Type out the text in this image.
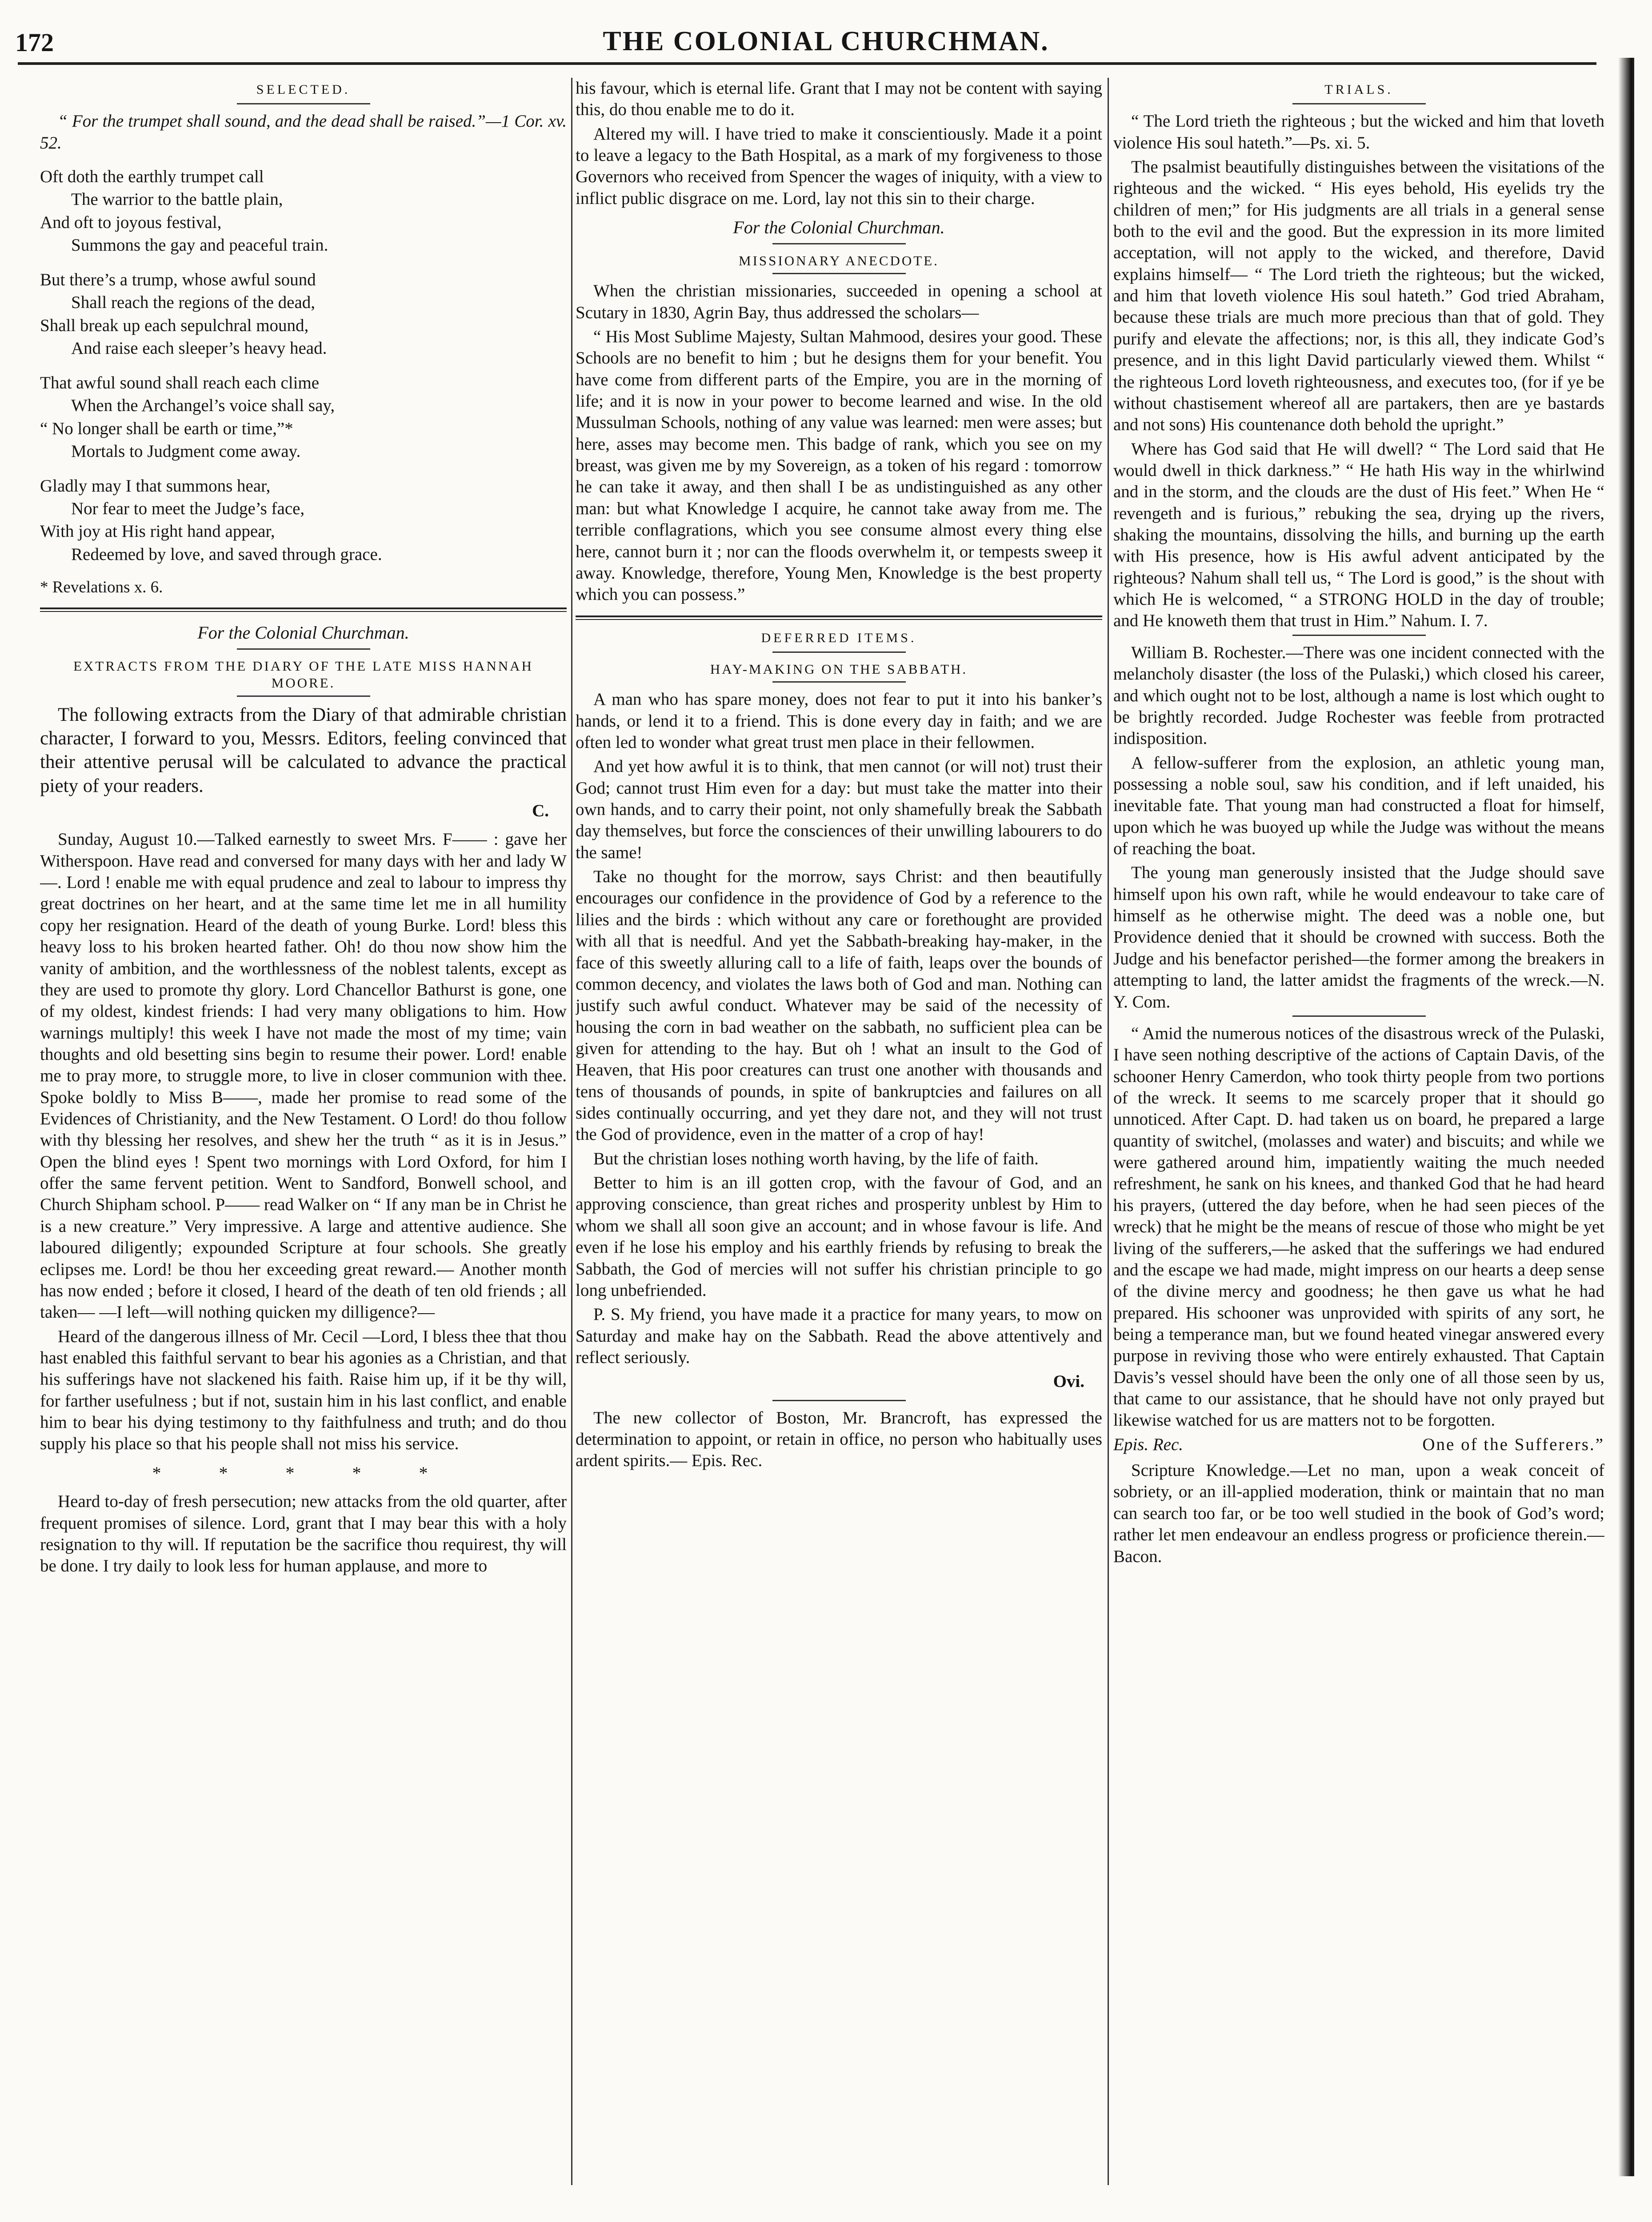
172	THE COLONIAL CHURCHMAN.
SELECTED.
“ For the trumpet shall sound, and the dead shall be raised.”—1 Cor. xv. 52.
Oft doth the earthly trumpet call
The warrior to the battle plain,
And oft to joyous festival,
Summons the gay and peaceful train.
But there’s a trump, whose awful sound
Shall reach the regions of the dead,
Shall break up each sepulchral mound,
And raise each sleeper’s heavy head.
That awful sound shall reach each clime
When the Archangel’s voice shall say,
“ No longer shall be earth or time,”*
Mortals to Judgment come away.
Gladly may I that summons hear,
Nor fear to meet the Judge’s face,
With joy at His right hand appear,
Redeemed by love, and saved through grace.
* Revelations x. 6.
For the Colonial Churchman.
EXTRACTS FROM THE DIARY OF THE LATE MISS HANNAH MOORE.
The following extracts from the Diary of that admirable christian character, I forward to you, Messrs. Editors, feeling convinced that their attentive perusal will be calculated to advance the practical piety of your readers.
C.
Sunday, August 10.—Talked earnestly to sweet Mrs. F—— : gave her Witherspoon. Have read and conversed for many days with her and lady W—. Lord ! enable me with equal prudence and zeal to labour to impress thy great doctrines on her heart, and at the same time let me in all humility copy her resignation. Heard of the death of young Burke. Lord! bless this heavy loss to his broken hearted father. Oh! do thou now show him the vanity of ambition, and the worthlessness of the noblest talents, except as they are used to promote thy glory. Lord Chancellor Bathurst is gone, one of my oldest, kindest friends: I had very many obligations to him. How warnings multiply! this week I have not made the most of my time; vain thoughts and old besetting sins begin to resume their power. Lord! enable me to pray more, to struggle more, to live in closer communion with thee. Spoke boldly to Miss B——, made her promise to read some of the Evidences of Christianity, and the New Testament. O Lord! do thou follow with thy blessing her resolves, and shew her the truth “ as it is in Jesus.” Open the blind eyes ! Spent two mornings with Lord Oxford, for him I offer the same fervent petition. Went to Sandford, Bonwell school, and Church Shipham school. P—— read Walker on “ If any man be in Christ he is a new creature.” Very impressive. A large and attentive audience. She laboured diligently; expounded Scripture at four schools. She greatly eclipses me. Lord! be thou her exceeding great reward.— Another month has now ended ; before it closed, I heard of the death of ten old friends ; all taken— —I left—will nothing quicken my dilligence?—
Heard of the dangerous illness of Mr. Cecil —Lord, I bless thee that thou hast enabled this faithful servant to bear his agonies as a Christian, and that his sufferings have not slackened his faith. Raise him up, if it be thy will, for farther usefulness ; but if not, sustain him in his last conflict, and enable him to bear his dying testimony to thy faithfulness and truth; and do thou supply his place so that his people shall not miss his service.
* * * * *
Heard to-day of fresh persecution; new attacks from the old quarter, after frequent promises of silence. Lord, grant that I may bear this with a holy resignation to thy will. If reputation be the sacrifice thou requirest, thy will be done. I try daily to look less for human applause, and more to
his favour, which is eternal life. Grant that I may not be content with saying this, do thou enable me to do it.
Altered my will. I have tried to make it conscientiously. Made it a point to leave a legacy to the Bath Hospital, as a mark of my forgiveness to those Governors who received from Spencer the wages of iniquity, with a view to inflict public disgrace on me. Lord, lay not this sin to their charge.
For the Colonial Churchman.
MISSIONARY ANECDOTE.
When the christian missionaries, succeeded in opening a school at Scutary in 1830, Agrin Bay, thus addressed the scholars—
“ His Most Sublime Majesty, Sultan Mahmood, desires your good. These Schools are no benefit to him ; but he designs them for your benefit. You have come from different parts of the Empire, you are in the morning of life; and it is now in your power to become learned and wise. In the old Mussulman Schools, nothing of any value was learned: men were asses; but here, asses may become men. This badge of rank, which you see on my breast, was given me by my Sovereign, as a token of his regard : tomorrow he can take it away, and then shall I be as undistinguished as any other man: but what Knowledge I acquire, he cannot take away from me. The terrible conflagrations, which you see consume almost every thing else here, cannot burn it ; nor can the floods overwhelm it, or tempests sweep it away. Knowledge, therefore, Young Men, Knowledge is the best property which you can possess.”
DEFERRED ITEMS.
HAY-MAKING ON THE SABBATH.
A man who has spare money, does not fear to put it into his banker’s hands, or lend it to a friend. This is done every day in faith; and we are often led to wonder what great trust men place in their fellowmen.
And yet how awful it is to think, that men cannot (or will not) trust their God; cannot trust Him even for a day: but must take the matter into their own hands, and to carry their point, not only shamefully break the Sabbath day themselves, but force the consciences of their unwilling labourers to do the same!
Take no thought for the morrow, says Christ: and then beautifully encourages our confidence in the providence of God by a reference to the lilies and the birds : which without any care or forethought are provided with all that is needful. And yet the Sabbath-breaking hay-maker, in the face of this sweetly alluring call to a life of faith, leaps over the bounds of common decency, and violates the laws both of God and man. Nothing can justify such awful conduct. Whatever may be said of the necessity of housing the corn in bad weather on the sabbath, no sufficient plea can be given for attending to the hay. But oh ! what an insult to the God of Heaven, that His poor creatures can trust one another with thousands and tens of thousands of pounds, in spite of bankruptcies and failures on all sides continually occurring, and yet they dare not, and they will not trust the God of providence, even in the matter of a crop of hay!
But the christian loses nothing worth having, by the life of faith.
Better to him is an ill gotten crop, with the favour of God, and an approving conscience, than great riches and prosperity unblest by Him to whom we shall all soon give an account; and in whose favour is life. And even if he lose his employ and his earthly friends by refusing to break the Sabbath, the God of mercies will not suffer his christian principle to go long unbefriended.
P. S. My friend, you have made it a practice for many years, to mow on Saturday and make hay on the Sabbath. Read the above attentively and reflect seriously.
Ovi.
The new collector of Boston, Mr. Brancroft, has expressed the determination to appoint, or retain in office, no person who habitually uses ardent spirits.— Epis. Rec.
TRIALS.
“ The Lord trieth the righteous ; but the wicked and him that loveth violence His soul hateth.”—Ps. xi. 5.
The psalmist beautifully distinguishes between the visitations of the righteous and the wicked. “ His eyes behold, His eyelids try the children of men;” for His judgments are all trials in a general sense both to the evil and the good. But the expression in its more limited acceptation, will not apply to the wicked, and therefore, David explains himself— “ The Lord trieth the righteous; but the wicked, and him that loveth violence His soul hateth.” God tried Abraham, because these trials are much more precious than that of gold. They purify and elevate the affections; nor, is this all, they indicate God’s presence, and in this light David particularly viewed them. Whilst “ the righteous Lord loveth righteousness, and executes too, (for if ye be without chastisement whereof all are partakers, then are ye bastards and not sons) His countenance doth behold the upright.”
Where has God said that He will dwell? “ The Lord said that He would dwell in thick darkness.” “ He hath His way in the whirlwind and in the storm, and the clouds are the dust of His feet.” When He “ revengeth and is furious,” rebuking the sea, drying up the rivers, shaking the mountains, dissolving the hills, and burning up the earth with His presence, how is His awful advent anticipated by the righteous? Nahum shall tell us, “ The Lord is good,” is the shout with which He is welcomed, “ a STRONG HOLD in the day of trouble; and He knoweth them that trust in Him.” Nahum. I. 7.
William B. Rochester.—There was one incident connected with the melancholy disaster (the loss of the Pulaski,) which closed his career, and which ought not to be lost, although a name is lost which ought to be brightly recorded. Judge Rochester was feeble from protracted indisposition.
A fellow-sufferer from the explosion, an athletic young man, possessing a noble soul, saw his condition, and if left unaided, his inevitable fate. That young man had constructed a float for himself, upon which he was buoyed up while the Judge was without the means of reaching the boat.
The young man generously insisted that the Judge should save himself upon his own raft, while he would endeavour to take care of himself as he otherwise might. The deed was a noble one, but Providence denied that it should be crowned with success. Both the Judge and his benefactor perished—the former among the breakers in attempting to land, the latter amidst the fragments of the wreck.—N. Y. Com.
“ Amid the numerous notices of the disastrous wreck of the Pulaski, I have seen nothing descriptive of the actions of Captain Davis, of the schooner Henry Camerdon, who took thirty people from two portions of the wreck. It seems to me scarcely proper that it should go unnoticed. After Capt. D. had taken us on board, he prepared a large quantity of switchel, (molasses and water) and biscuits; and while we were gathered around him, impatiently waiting the much needed refreshment, he sank on his knees, and thanked God that he had heard his prayers, (uttered the day before, when he had seen pieces of the wreck) that he might be the means of rescue of those who might be yet living of the sufferers,—he asked that the sufferings we had endured and the escape we had made, might impress on our hearts a deep sense of the divine mercy and goodness; he then gave us what he had prepared. His schooner was unprovided with spirits of any sort, he being a temperance man, but we found heated vinegar answered every purpose in reviving those who were entirely exhausted. That Captain Davis’s vessel should have been the only one of all those seen by us, that came to our assistance, that he should have not only prayed but likewise watched for us are matters not to be forgotten.
Epis. Rec.	One of the Sufferers.”
Scripture Knowledge.—Let no man, upon a weak conceit of sobriety, or an ill-applied moderation, think or maintain that no man can search too far, or be too well studied in the book of God’s word; rather let men endeavour an endless progress or proficience therein.—Bacon.
